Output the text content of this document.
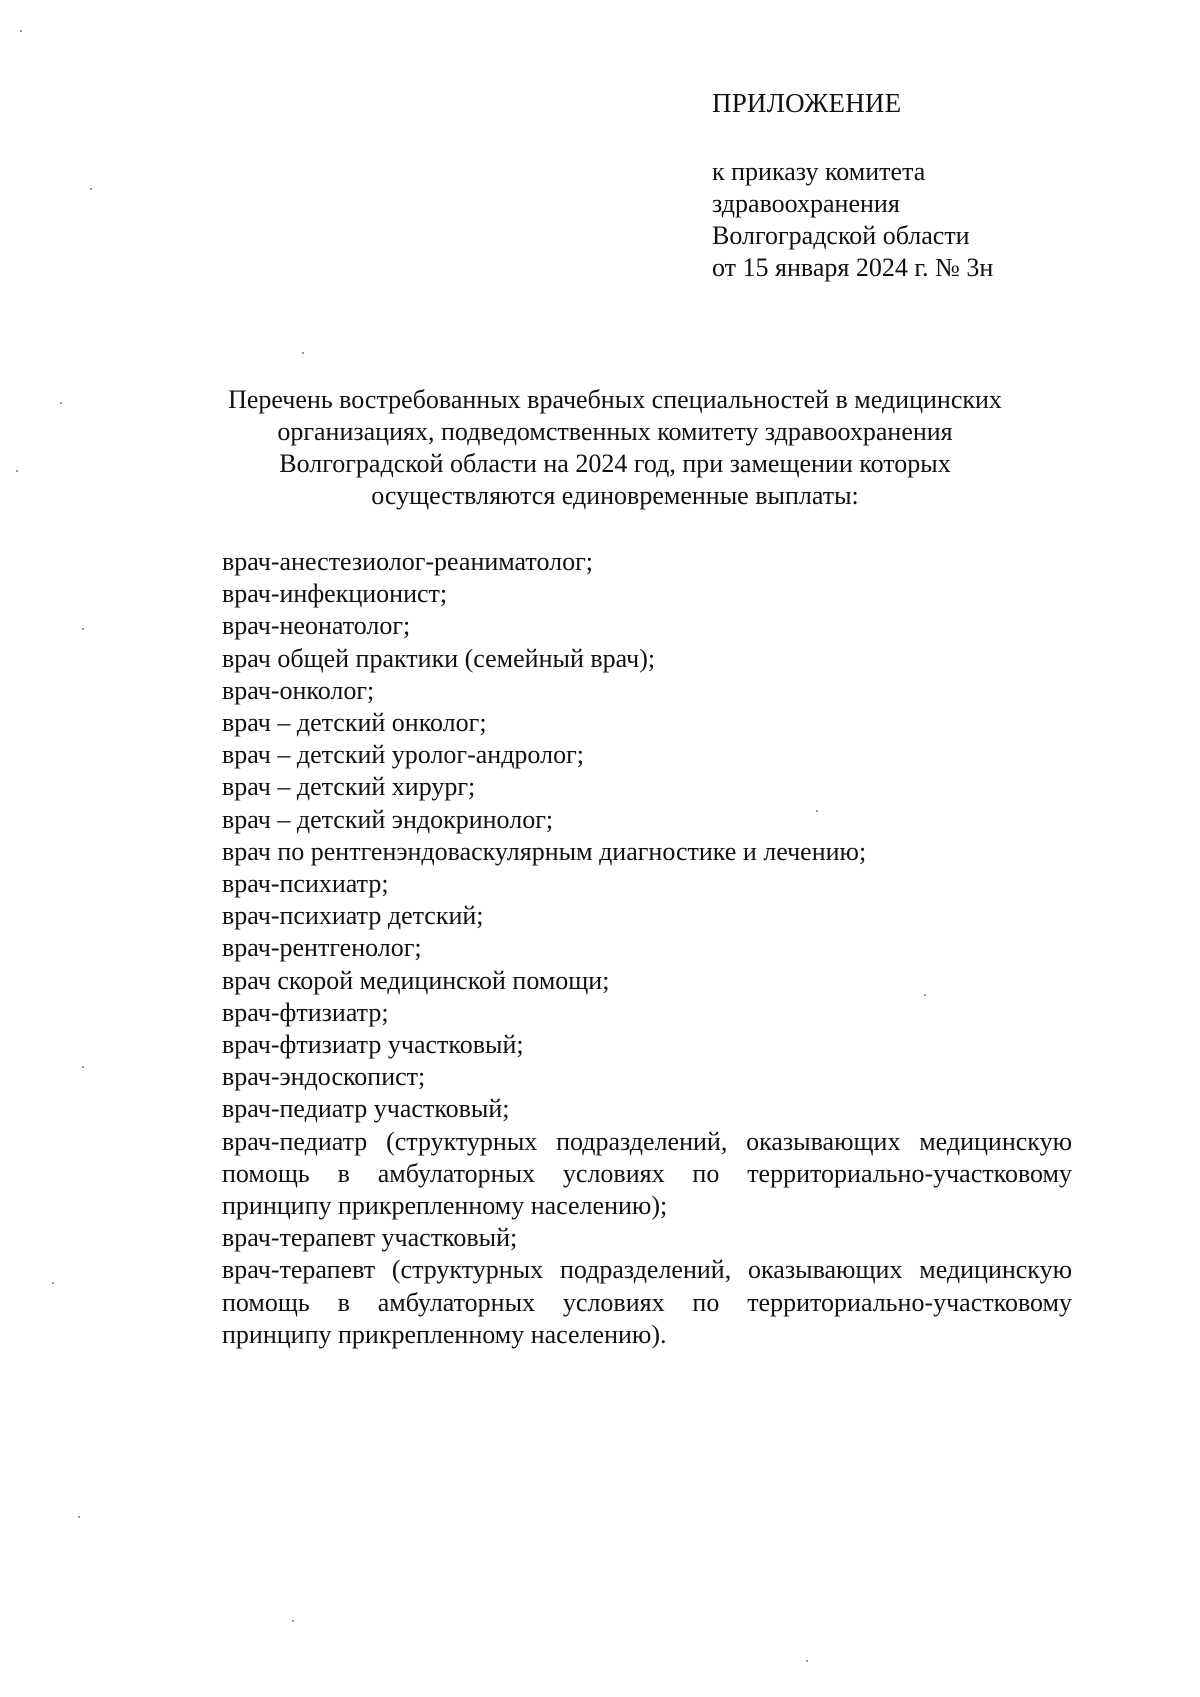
ПРИЛОЖЕНИЕ
к приказу комитета
здравоохранения
Волгоградской области
от 15 января 2024 г. № 3н
Перечень востребованных врачебных специальностей в медицинских
организациях, подведомственных комитету здравоохранения
Волгоградской области на 2024 год, при замещении которых
осуществляются единовременные выплаты:
врач-анестезиолог-реаниматолог;
врач-инфекционист;
врач-неонатолог;
врач общей практики (семейный врач);
врач-онколог;
врач – детский онколог;
врач – детский уролог-андролог;
врач – детский хирург;
врач – детский эндокринолог;
врач по рентгенэндоваскулярным диагностике и лечению;
врач-психиатр;
врач-психиатр детский;
врач-рентгенолог;
врач скорой медицинской помощи;
врач-фтизиатр;
врач-фтизиатр участковый;
врач-эндоскопист;
врач-педиатр участковый;
врач-педиатр (структурных подразделений, оказывающих медицинскую помощь в амбулаторных условиях по территориально-участковому принципу прикрепленному населению);
врач-терапевт участковый;
врач-терапевт (структурных подразделений, оказывающих медицинскую помощь в амбулаторных условиях по территориально-участковому принципу прикрепленному населению).
